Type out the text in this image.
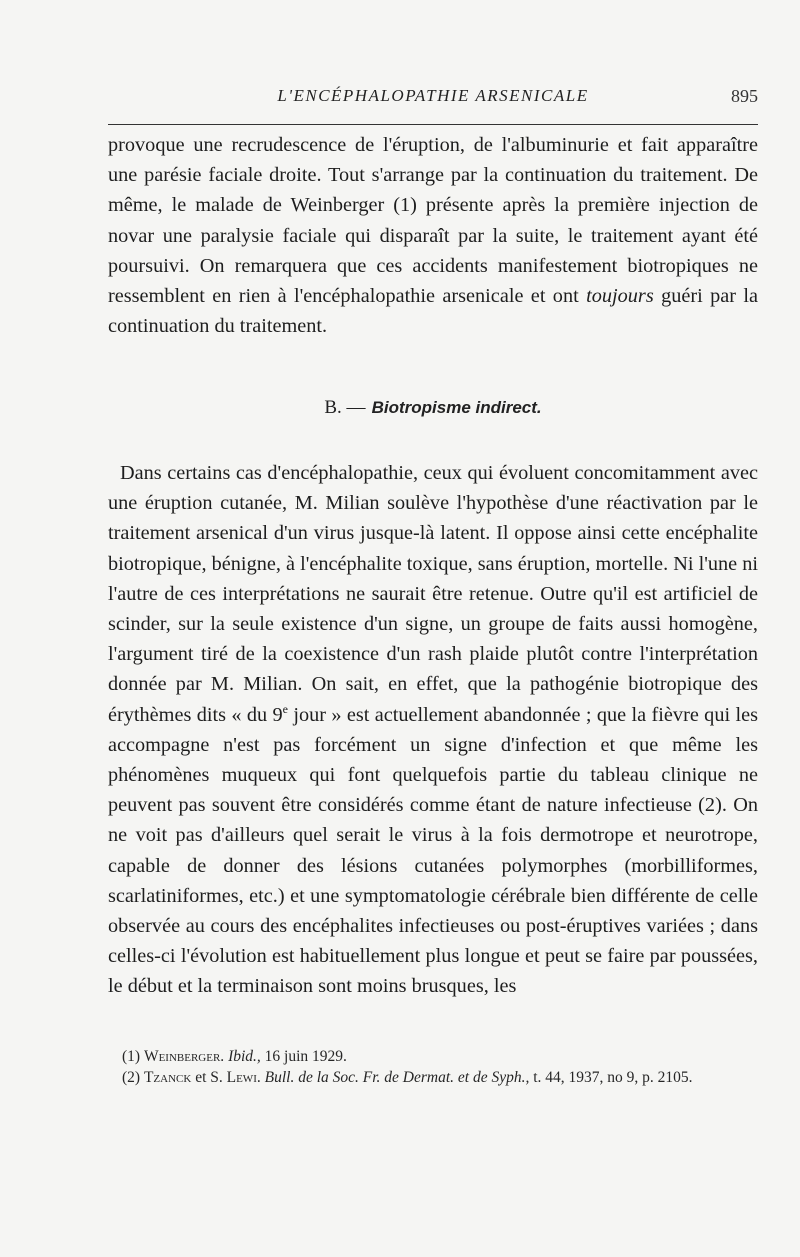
L'ENCÉPHALOPATHIE ARSENICALE	895

provoque une recrudescence de l'éruption, de l'albuminurie et fait apparaître une parésie faciale droite. Tout s'arrange par la continuation du traitement. De même, le malade de Weinberger (1) présente après la première injection de novar une paralysie faciale qui disparaît par la suite, le traitement ayant été poursuivi. On remarquera que ces accidents manifestement biotropiques ne ressemblent en rien à l'encéphalopathie arsenicale et ont toujours guéri par la continuation du traitement.

B. — Biotropisme indirect.

Dans certains cas d'encéphalopathie, ceux qui évoluent concomitamment avec une éruption cutanée, M. Milian soulève l'hypothèse d'une réactivation par le traitement arsenical d'un virus jusque-là latent. Il oppose ainsi cette encéphalite biotropique, bénigne, à l'encéphalite toxique, sans éruption, mortelle. Ni l'une ni l'autre de ces interprétations ne saurait être retenue. Outre qu'il est artificiel de scinder, sur la seule existence d'un signe, un groupe de faits aussi homogène, l'argument tiré de la coexistence d'un rash plaide plutôt contre l'interprétation donnée par M. Milian. On sait, en effet, que la pathogénie biotropique des érythèmes dits « du 9e jour » est actuellement abandonnée ; que la fièvre qui les accompagne n'est pas forcément un signe d'infection et que même les phénomènes muqueux qui font quelquefois partie du tableau clinique ne peuvent pas souvent être considérés comme étant de nature infectieuse (2). On ne voit pas d'ailleurs quel serait le virus à la fois dermotrope et neurotrope, capable de donner des lésions cutanées polymorphes (morbilliformes, scarlatiniformes, etc.) et une symptomatologie cérébrale bien différente de celle observée au cours des encéphalites infectieuses ou post-éruptives variées ; dans celles-ci l'évolution est habituellement plus longue et peut se faire par poussées, le début et la terminaison sont moins brusques, les

(1) Weinberger. Ibid., 16 juin 1929.

(2) Tzanck et S. Lewi. Bull. de la Soc. Fr. de Dermat. et de Syph., t. 44, 1937, no 9, p. 2105.
